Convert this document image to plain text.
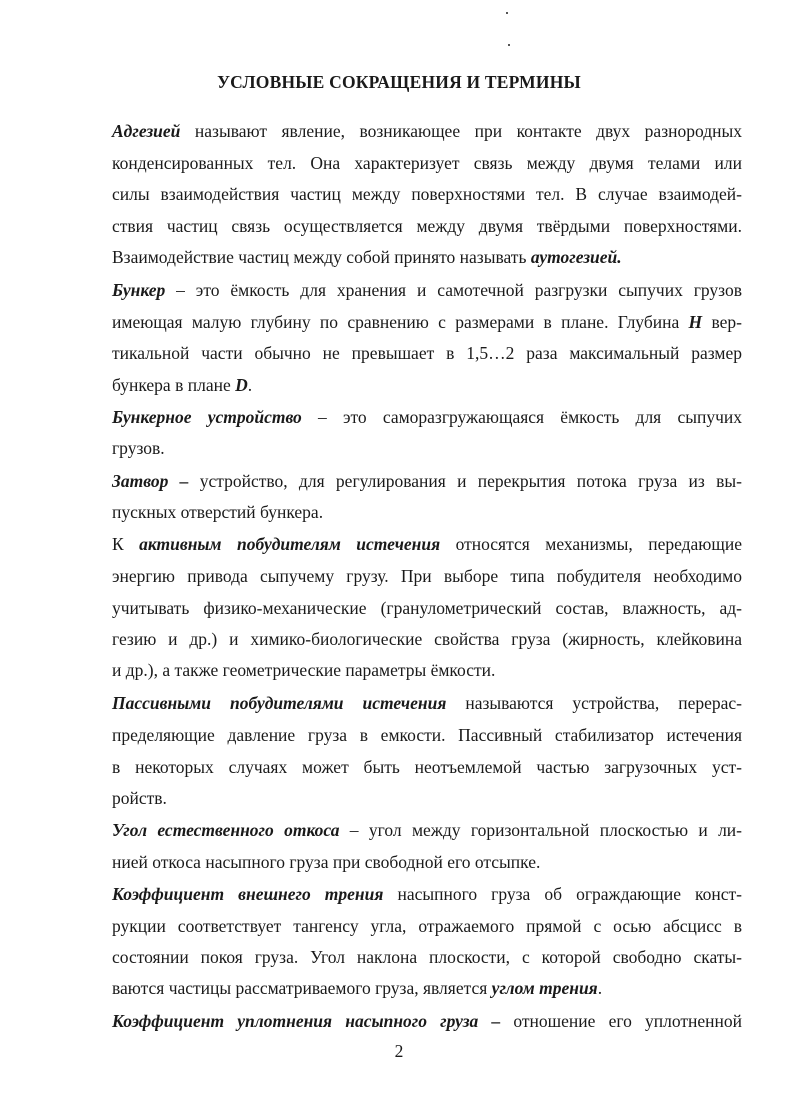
УСЛОВНЫЕ СОКРАЩЕНИЯ И ТЕРМИНЫ
Адгезией называют явление, возникающее при контакте двух разнородных
конденсированных тел. Она характеризует связь между двумя телами или
силы взаимодействия частиц между поверхностями тел. В случае взаимодей-
ствия частиц связь осуществляется между двумя твёрдыми поверхностями.
Взаимодействие частиц между собой принято называть аутогезией.
Бункер – это ёмкость для хранения и самотечной разгрузки сыпучих грузов
имеющая малую глубину по сравнению с размерами в плане. Глубина H вер-
тикальной части обычно не превышает в 1,5…2 раза максимальный размер
бункера в плане D.
Бункерное устройство – это саморазгружающаяся ёмкость для сыпучих
грузов.
Затвор – устройство, для регулирования и перекрытия потока груза из вы-
пускных отверстий бункера.
К активным побудителям истечения относятся механизмы, передающие
энергию привода сыпучему грузу. При выборе типа побудителя необходимо
учитывать физико-механические (гранулометрический состав, влажность, ад-
гезию и др.) и химико-биологические свойства груза (жирность, клейковина
и др.), а также геометрические параметры ёмкости.
Пассивными побудителями истечения называются устройства, перерас-
пределяющие давление груза в емкости. Пассивный стабилизатор истечения
в некоторых случаях может быть неотъемлемой частью загрузочных уст-
ройств.
Угол естественного откоса – угол между горизонтальной плоскостью и ли-
нией откоса насыпного груза при свободной его отсыпке.
Коэффициент внешнего трения насыпного груза об ограждающие конст-
рукции соответствует тангенсу угла, отражаемого прямой с осью абсцисс в
состоянии покоя груза. Угол наклона плоскости, с которой свободно скаты-
ваются частицы рассматриваемого груза, является углом трения.
Коэффициент уплотнения насыпного груза – отношение его уплотненной
2
